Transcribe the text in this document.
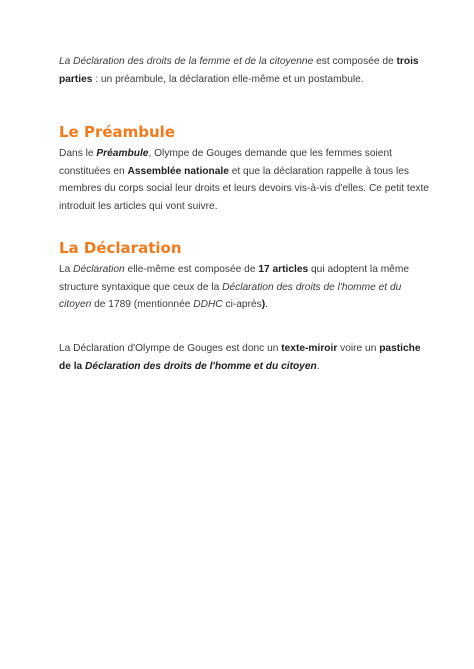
La Déclaration des droits de la femme et de la citoyenne est composée de trois parties : un préambule, la déclaration elle-même et un postambule.

Le Préambule

Dans le Préambule, Olympe de Gouges demande que les femmes soient constituées en Assemblée nationale et que la déclaration rappelle à tous les membres du corps social leur droits et leurs devoirs vis-à-vis d'elles. Ce petit texte introduit les articles qui vont suivre.

La Déclaration

La Déclaration elle-même est composée de 17 articles qui adoptent la même structure syntaxique que ceux de la Déclaration des droits de l'homme et du citoyen de 1789 (mentionnée DDHC ci-après).

La Déclaration d'Olympe de Gouges est donc un texte-miroir voire un pastiche de la Déclaration des droits de l'homme et du citoyen.
